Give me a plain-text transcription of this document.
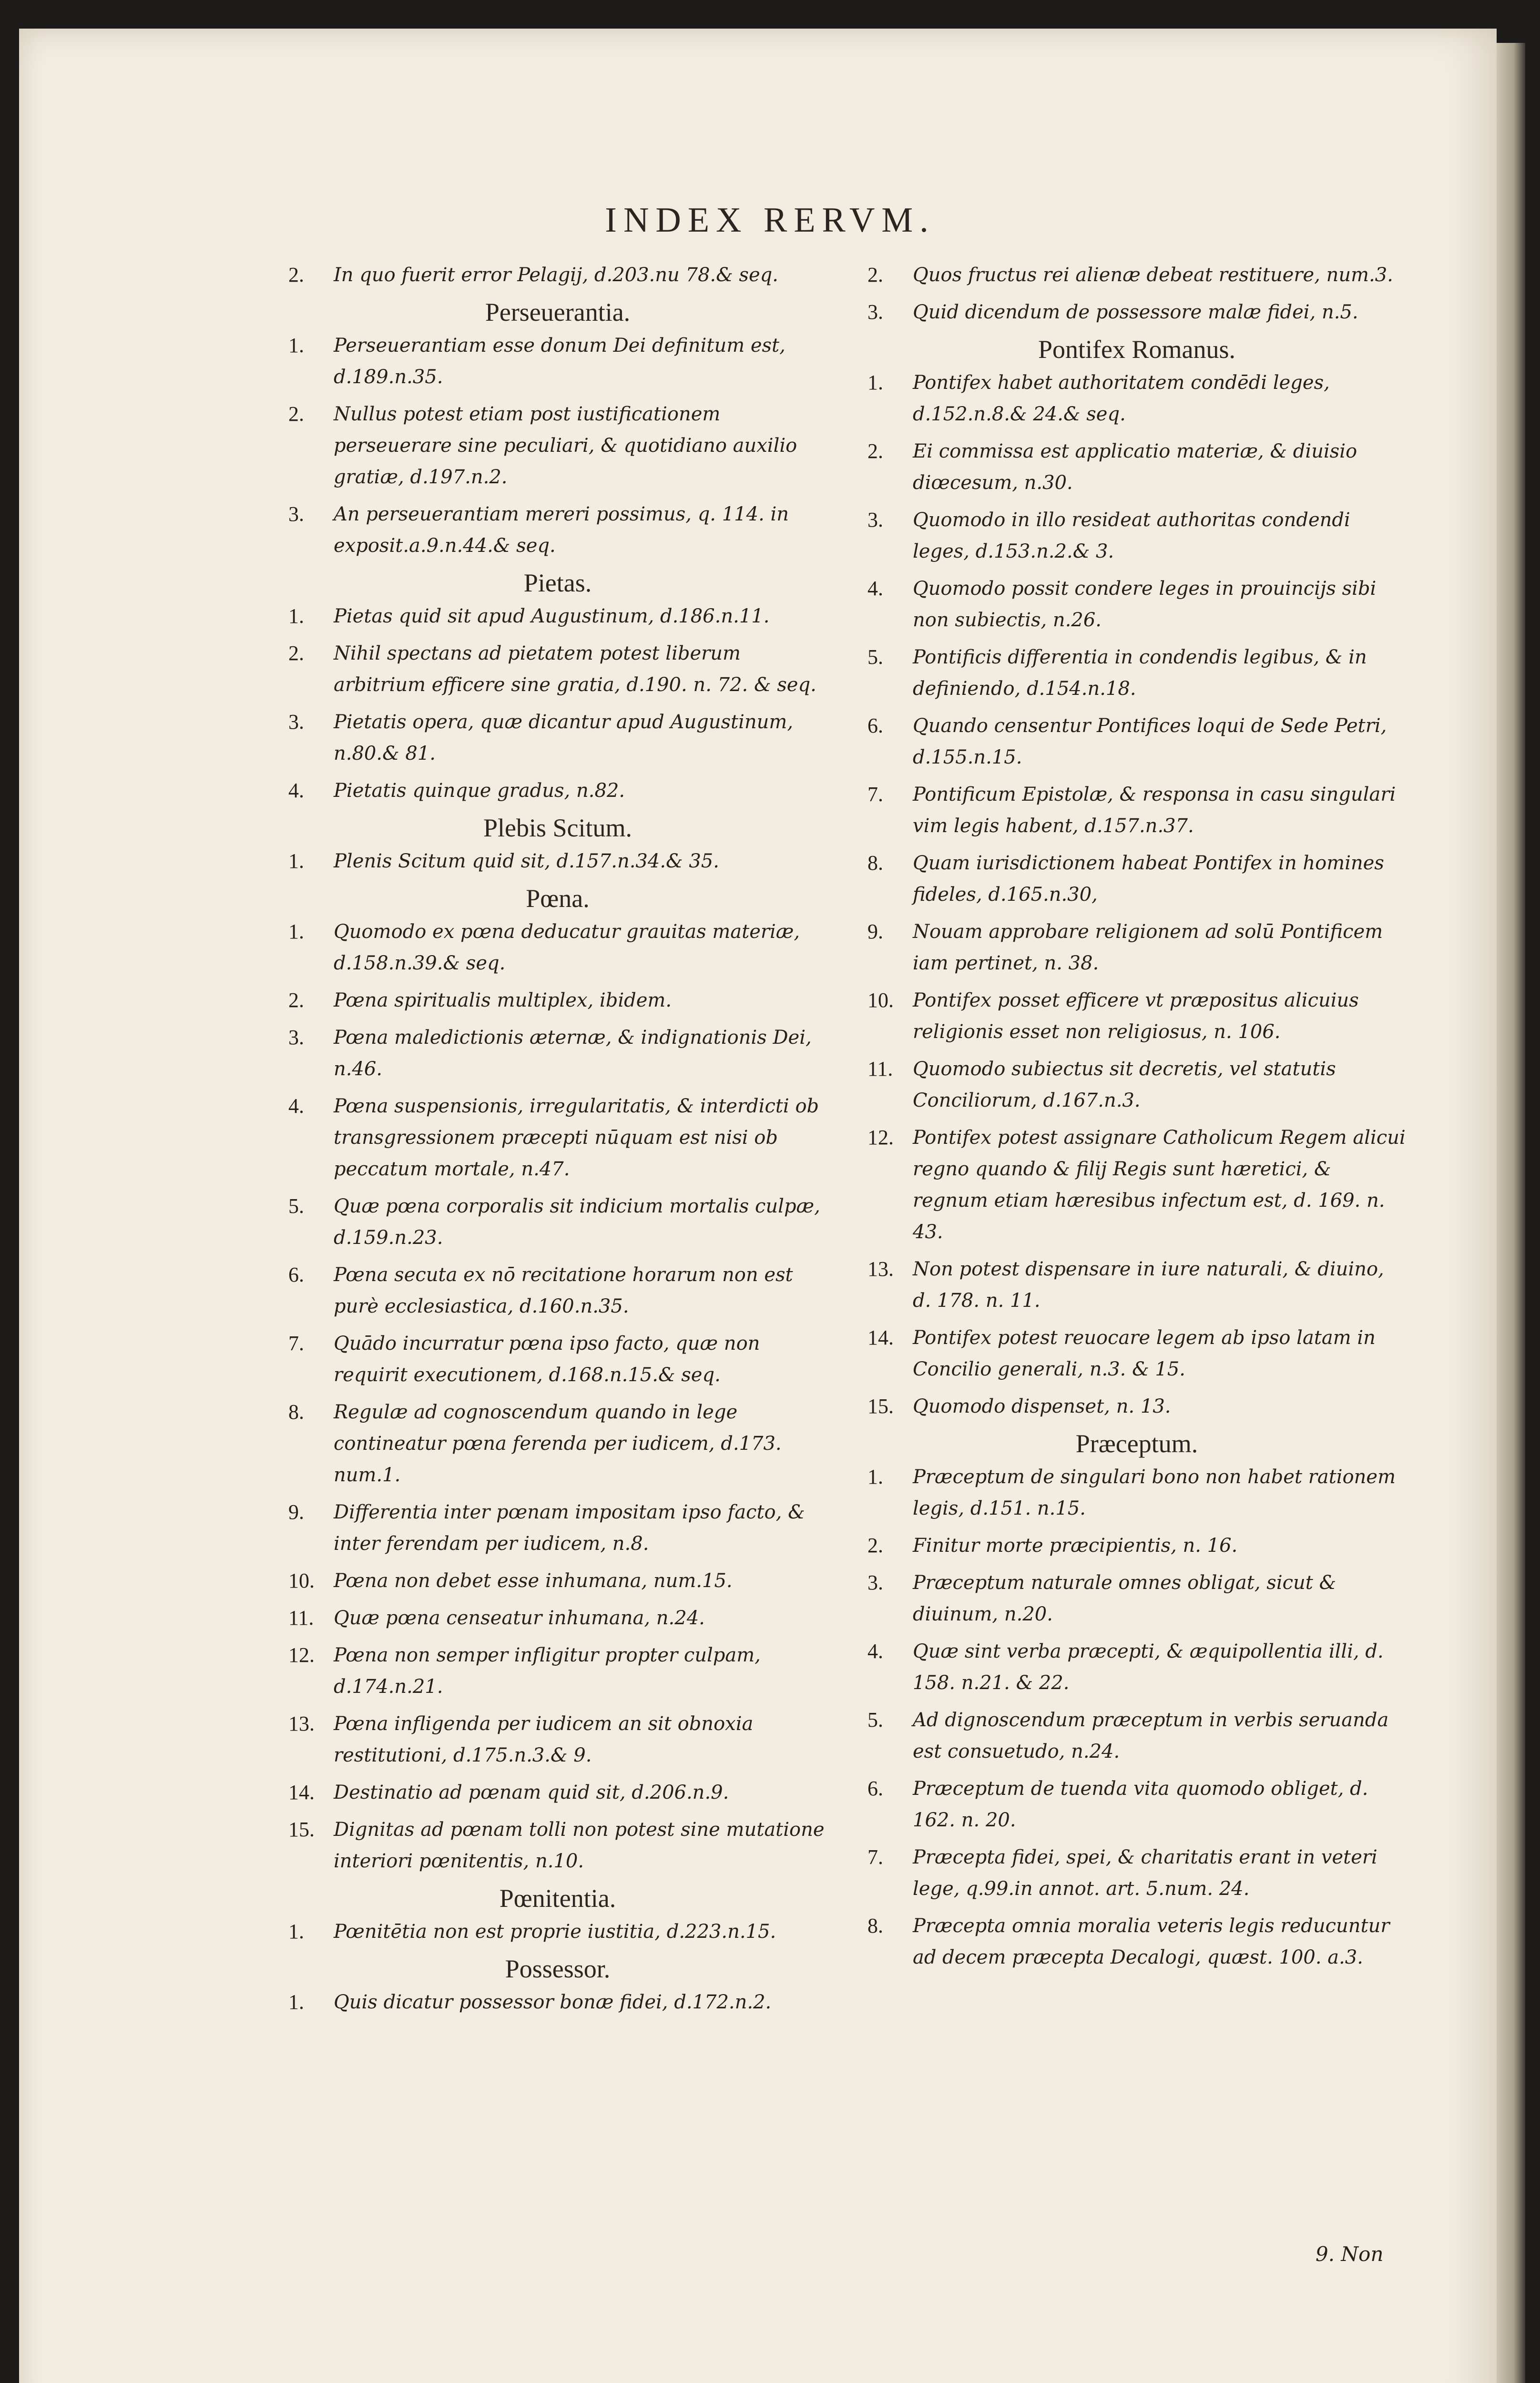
INDEX RERVM.
2.	In quo fuerit error Pelagij, d.203.nu 78.& seq.
Perseuerantia.
1.	Perseuerantiam esse donum Dei definitum est, d.189.n.35.
2.	Nullus potest etiam post iustificationem perseuerare sine peculiari, & quotidiano auxilio gratiæ, d.197.n.2.
3.	An perseuerantiam mereri possimus, q. 114. in exposit.a.9.n.44.& seq.
Pietas.
1.	Pietas quid sit apud Augustinum, d.186.n.11.
2.	Nihil spectans ad pietatem potest liberum arbitrium efficere sine gratia, d.190. n. 72. & seq.
3.	Pietatis opera, quæ dicantur apud Augustinum, n.80.& 81.
4.	Pietatis quinque gradus, n.82.
Plebis Scitum.
1.	Plenis Scitum quid sit, d.157.n.34.& 35.
Pœna.
1.	Quomodo ex pœna deducatur grauitas materiæ, d.158.n.39.& seq.
2.	Pœna spiritualis multiplex, ibidem.
3.	Pœna maledictionis æternæ, & indignationis Dei, n.46.
4.	Pœna suspensionis, irregularitatis, & interdicti ob transgressionem præcepti nūquam est nisi ob peccatum mortale, n.47.
5.	Quæ pœna corporalis sit indicium mortalis culpæ, d.159.n.23.
6.	Pœna secuta ex nō recitatione horarum non est purè ecclesiastica, d.160.n.35.
7.	Quādo incurratur pœna ipso facto, quæ non requirit executionem, d.168.n.15.& seq.
8.	Regulæ ad cognoscendum quando in lege contineatur pœna ferenda per iudicem, d.173. num.1.
9.	Differentia inter pœnam impositam ipso facto, & inter ferendam per iudicem, n.8.
10.	Pœna non debet esse inhumana, num.15.
11.	Quæ pœna censeatur inhumana, n.24.
12.	Pœna non semper infligitur propter culpam, d.174.n.21.
13.	Pœna infligenda per iudicem an sit obnoxia restitutioni, d.175.n.3.& 9.
14.	Destinatio ad pœnam quid sit, d.206.n.9.
15.	Dignitas ad pœnam tolli non potest sine mutatione interiori pœnitentis, n.10.
Pœnitentia.
1.	Pœnitētia non est proprie iustitia, d.223.n.15.
Possessor.
1.	Quis dicatur possessor bonæ fidei, d.172.n.2.
2.	Quos fructus rei alienæ debeat restituere, num.3.
3.	Quid dicendum de possessore malæ fidei, n.5.
Pontifex Romanus.
1.	Pontifex habet authoritatem condēdi leges, d.152.n.8.& 24.& seq.
2.	Ei commissa est applicatio materiæ, & diuisio diœcesum, n.30.
3.	Quomodo in illo resideat authoritas condendi leges, d.153.n.2.& 3.
4.	Quomodo possit condere leges in prouincijs sibi non subiectis, n.26.
5.	Pontificis differentia in condendis legibus, & in definiendo, d.154.n.18.
6.	Quando censentur Pontifices loqui de Sede Petri, d.155.n.15.
7.	Pontificum Epistolæ, & responsa in casu singulari vim legis habent, d.157.n.37.
8.	Quam iurisdictionem habeat Pontifex in homines fideles, d.165.n.30,
9.	Nouam approbare religionem ad solū Pontificem iam pertinet, n. 38.
10.	Pontifex posset efficere vt præpositus alicuius religionis esset non religiosus, n. 106.
11.	Quomodo subiectus sit decretis, vel statutis Conciliorum, d.167.n.3.
12.	Pontifex potest assignare Catholicum Regem alicui regno quando & filij Regis sunt hæretici, & regnum etiam hæresibus infectum est, d. 169. n. 43.
13.	Non potest dispensare in iure naturali, & diuino, d. 178. n. 11.
14.	Pontifex potest reuocare legem ab ipso latam in Concilio generali, n.3. & 15.
15.	Quomodo dispenset, n. 13.
Præceptum.
1.	Præceptum de singulari bono non habet rationem legis, d.151. n.15.
2.	Finitur morte præcipientis, n. 16.
3.	Præceptum naturale omnes obligat, sicut & diuinum, n.20.
4.	Quæ sint verba præcepti, & æquipollentia illi, d. 158. n.21. & 22.
5.	Ad dignoscendum præceptum in verbis seruanda est consuetudo, n.24.
6.	Præceptum de tuenda vita quomodo obliget, d. 162. n. 20.
7.	Præcepta fidei, spei, & charitatis erant in veteri lege, q.99.in annot. art. 5.num. 24.
8.	Præcepta omnia moralia veteris legis reducuntur ad decem præcepta Decalogi, quæst. 100. a.3.
9. Non
